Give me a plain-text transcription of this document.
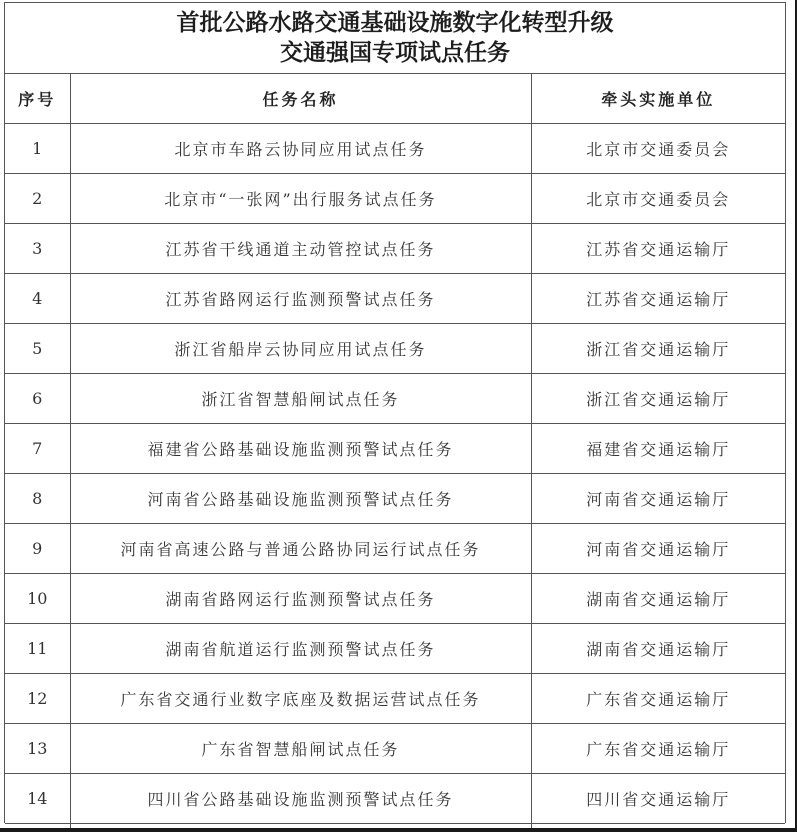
首批公路水路交通基础设施数字化转型升级
交通强国专项试点任务
序号	任务名称	牵头实施单位
1	北京市车路云协同应用试点任务	北京市交通委员会
2	北京市“一张网”出行服务试点任务	北京市交通委员会
3	江苏省干线通道主动管控试点任务	江苏省交通运输厅
4	江苏省路网运行监测预警试点任务	江苏省交通运输厅
5	浙江省船岸云协同应用试点任务	浙江省交通运输厅
6	浙江省智慧船闸试点任务	浙江省交通运输厅
7	福建省公路基础设施监测预警试点任务	福建省交通运输厅
8	河南省公路基础设施监测预警试点任务	河南省交通运输厅
9	河南省高速公路与普通公路协同运行试点任务	河南省交通运输厅
10	湖南省路网运行监测预警试点任务	湖南省交通运输厅
11	湖南省航道运行监测预警试点任务	湖南省交通运输厅
12	广东省交通行业数字底座及数据运营试点任务	广东省交通运输厅
13	广东省智慧船闸试点任务	广东省交通运输厅
14	四川省公路基础设施监测预警试点任务	四川省交通运输厅
